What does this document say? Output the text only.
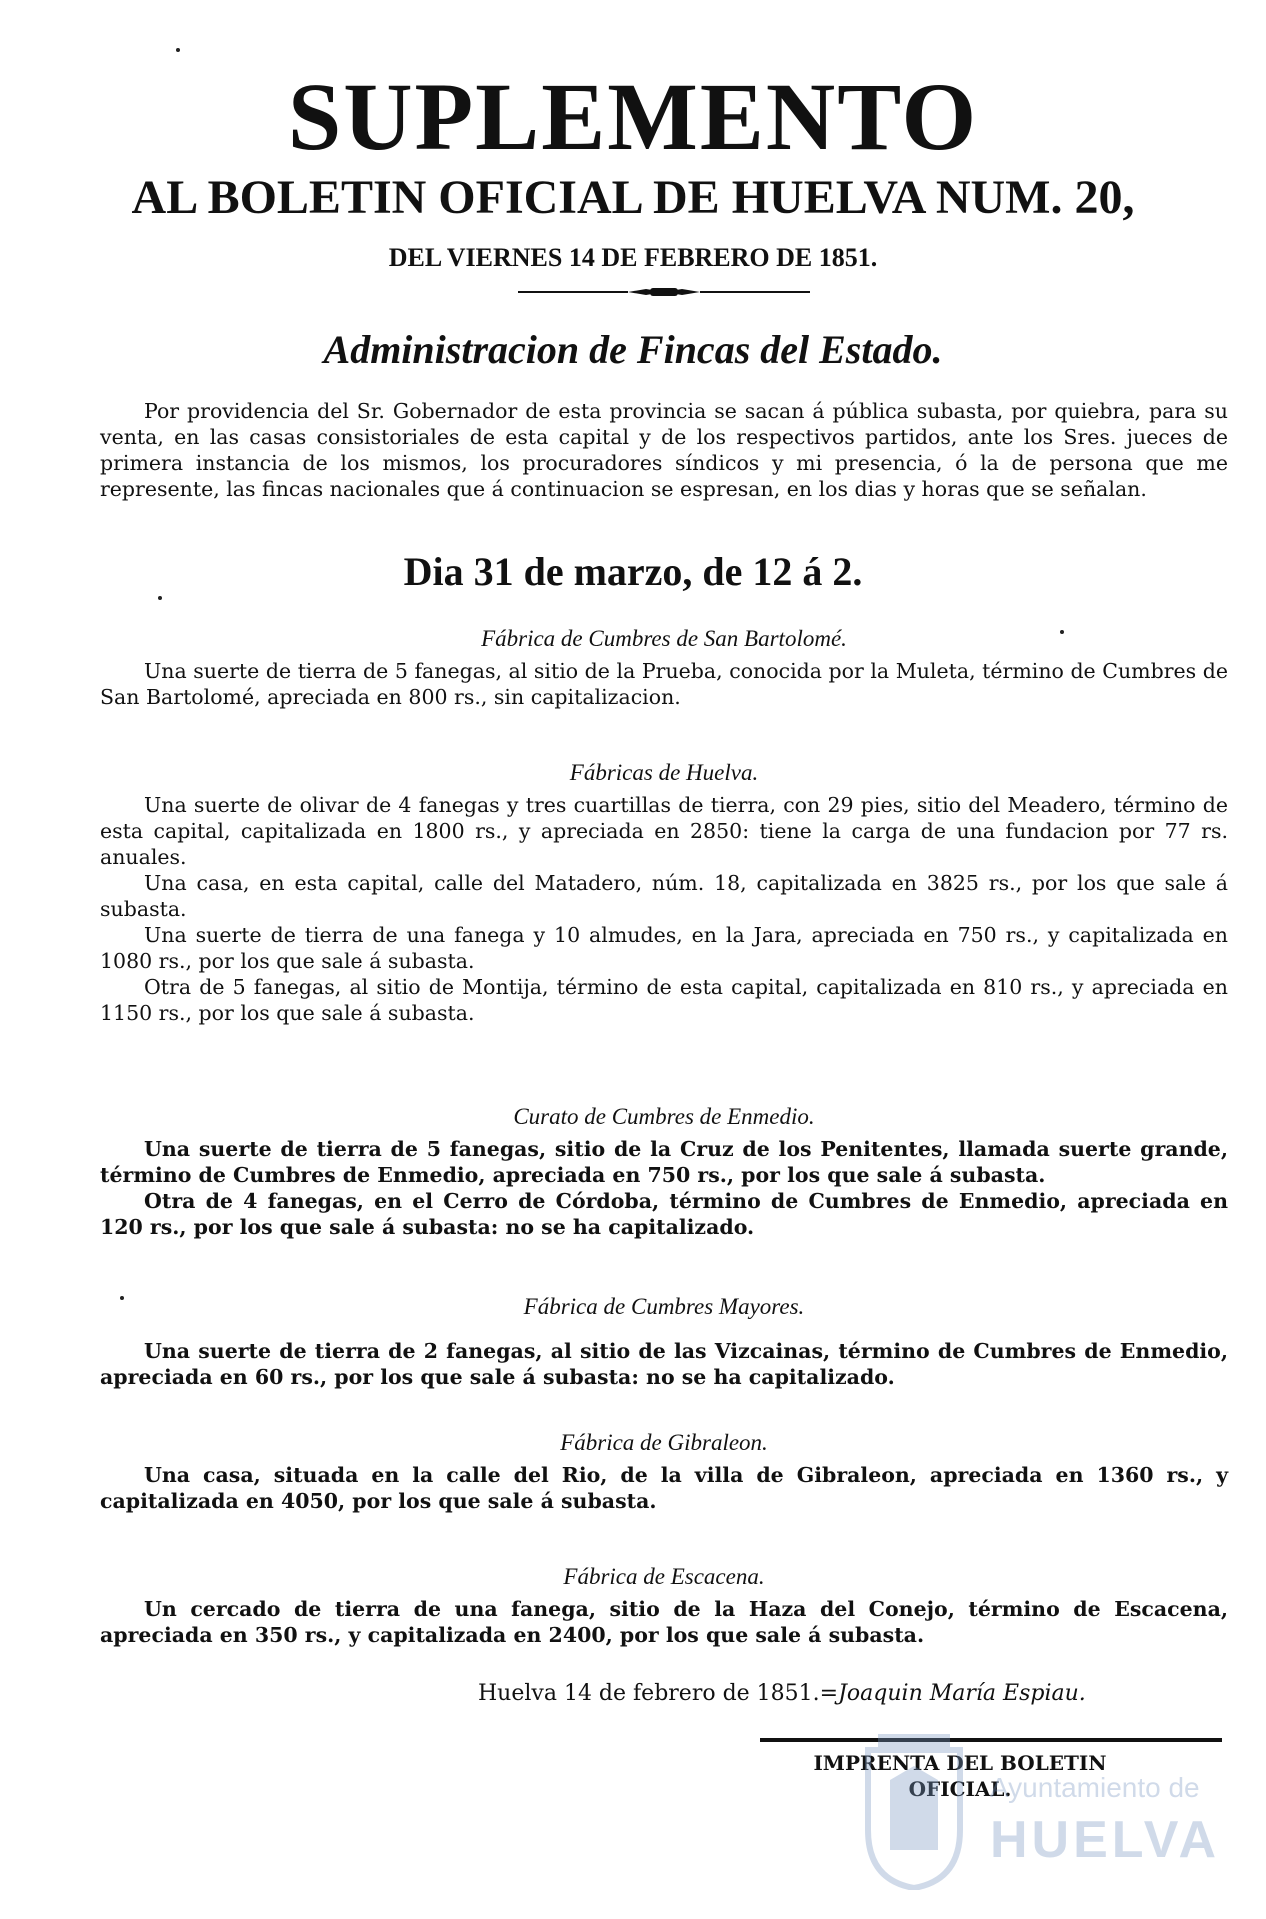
SUPLEMENTO
AL BOLETIN OFICIAL DE HUELVA NUM. 20,
DEL VIERNES 14 DE FEBRERO DE 1851.
Administracion de Fincas del Estado.
Por providencia del Sr. Gobernador de esta provincia se sacan á pública subasta, por quiebra, para su venta, en las casas consistoriales de esta capital y de los respectivos partidos, ante los Sres. jueces de primera instancia de los mismos, los procuradores síndicos y mi presencia, ó la de persona que me represente, las fincas nacionales que á continuacion se espresan, en los dias y horas que se señalan.
Dia 31 de marzo, de 12 á 2.
Fábrica de Cumbres de San Bartolomé.

Una suerte de tierra de 5 fanegas, al sitio de la Prueba, conocida por la Muleta, término de Cumbres de San Bartolomé, apreciada en 800 rs., sin capitalizacion.

Fábricas de Huelva.

Una suerte de olivar de 4 fanegas y tres cuartillas de tierra, con 29 pies, sitio del Meadero, término de esta capital, capitalizada en 1800 rs., y apreciada en 2850: tiene la carga de una fundacion por 77 rs. anuales.

Una casa, en esta capital, calle del Matadero, núm. 18, capitalizada en 3825 rs., por los que sale á subasta.

Una suerte de tierra de una fanega y 10 almudes, en la Jara, apreciada en 750 rs., y capitalizada en 1080 rs., por los que sale á subasta.

Otra de 5 fanegas, al sitio de Montija, término de esta capital, capitalizada en 810 rs., y apreciada en 1150 rs., por los que sale á subasta.

Curato de Cumbres de Enmedio.

Una suerte de tierra de 5 fanegas, sitio de la Cruz de los Penitentes, llamada suerte grande, término de Cumbres de Enmedio, apreciada en 750 rs., por los que sale á subasta.

Otra de 4 fanegas, en el Cerro de Córdoba, término de Cumbres de Enmedio, apreciada en 120 rs., por los que sale á subasta: no se ha capitalizado.

Fábrica de Cumbres Mayores.

Una suerte de tierra de 2 fanegas, al sitio de las Vizcainas, término de Cumbres de Enmedio, apreciada en 60 rs., por los que sale á subasta: no se ha capitalizado.

Fábrica de Gibraleon.

Una casa, situada en la calle del Rio, de la villa de Gibraleon, apreciada en 1360 rs., y capitalizada en 4050, por los que sale á subasta.

Fábrica de Escacena.

Un cercado de tierra de una fanega, sitio de la Haza del Conejo, término de Escacena, apreciada en 350 rs., y capitalizada en 2400, por los que sale á subasta.

Huelva 14 de febrero de 1851.=Joaquin María Espiau.
IMPRENTA DEL BOLETIN OFICIAL.
Ayuntamiento de
HUELVA
